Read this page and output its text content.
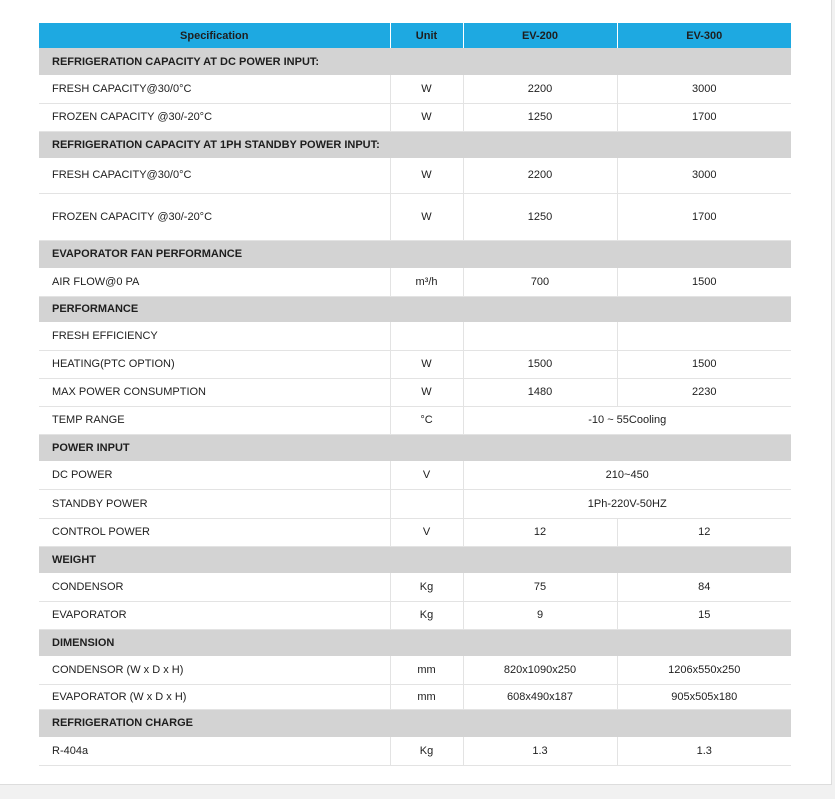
Specification	Unit	EV-200	EV-300
REFRIGERATION CAPACITY AT DC POWER INPUT:			
FRESH CAPACITY@30/0°C	W	2200	3000
FROZEN CAPACITY @30/-20°C	W	1250	1700
REFRIGERATION CAPACITY AT 1PH STANDBY POWER INPUT:			
FRESH CAPACITY@30/0°C	W	2200	3000
FROZEN CAPACITY @30/-20°C	W	1250	1700
EVAPORATOR FAN PERFORMANCE			
AIR FLOW@0 PA	m³/h	700	1500
PERFORMANCE			
FRESH EFFICIENCY			
HEATING(PTC OPTION)	W	1500	1500
MAX POWER CONSUMPTION	W	1480	2230
TEMP RANGE	°C	-10 ~ 55Cooling	
POWER INPUT			
DC POWER	V	210~450	
STANDBY POWER		1Ph-220V-50HZ	
CONTROL POWER	V	12	12
WEIGHT			
CONDENSOR	Kg	75	84
EVAPORATOR	Kg	9	15
DIMENSION			
CONDENSOR (W x D x H)	mm	820x1090x250	1206x550x250
EVAPORATOR (W x D x H)	mm	608x490x187	905x505x180
REFRIGERATION CHARGE			
R-404a	Kg	1.3	1.3
